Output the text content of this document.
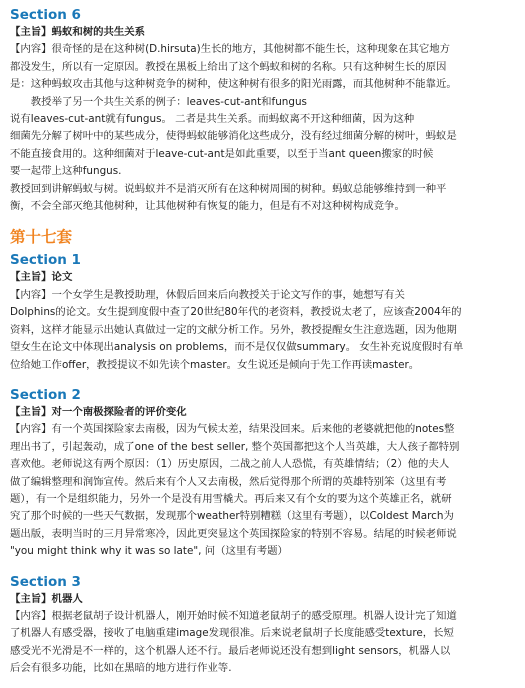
Section 6

【主旨】蚂蚁和树的共生关系

【内容】很奇怪的是在这种树(D.hirsuta)生长的地方，其他树都不能生长，这种现象在其它地方

都没发生，所以有一定原因。教授在黑板上给出了这个蚂蚁和树的名称。只有这种树生长的原因

是：这种蚂蚁攻击其他与这种树竞争的树种，使这种树有很多的阳光雨露，而其他树种不能靠近。

教授举了另一个共生关系的例子：leaves-cut-ant和fungus

说有leaves-cut-ant就有fungus。 二者是共生关系。而蚂蚁离不开这种细菌，因为这种

细菌先分解了树叶中的某些成分，使得蚂蚁能够消化这些成分，没有经过细菌分解的树叶，蚂蚁是

不能直接食用的。这种细菌对于leave-cut-ant是如此重要，以至于当ant queen搬家的时候

要一起带上这种fungus.

教授回到讲解蚂蚁与树。说蚂蚁并不是消灭所有在这种树周围的树种。蚂蚁总能够维持到一种平

衡，不会全部灭绝其他树种，让其他树种有恢复的能力，但是有不对这种树构成竞争。

第十七套
Section 1

【主旨】论文

【内容】一个女学生是教授助理，休假后回来后向教授关于论文写作的事，她想写有关

Dolphins的论文。女生提到度假中查了20世纪80年代的老资料，教授说太老了，应该查2004年的

资料，这样才能显示出她认真做过一定的文献分析工作。另外，教授提醒女生注意选题，因为他期

望女生在论文中体现出analysis on problems，而不是仅仅做summary。 女生补充说度假时有单

位给她工作offer，教授提议不如先读个master。女生说还是倾向于先工作再读master。

Section 2

【主旨】对一个南极探险者的评价变化

【内容】有一个英国探险家去南极，因为气候太差，结果没回来。后来他的老婆就把他的notes整

理出书了，引起轰动，成了one of the best seller, 整个英国都把这个人当英雄，大人孩子都特别

喜欢他。老师说这有两个原因：（1）历史原因，二战之前人人恐慌，有英雄情结；（2）他的夫人

做了编辑整理和润饰宣传。然后来有个人又去南极，然后觉得那个所谓的英雄特别笨（这里有考

题），有一个是组织能力，另外一个是没有用雪橇犬。再后来又有个女的要为这个英雄正名，就研

究了那个时候的一些天气数据，发现那个weather特别糟糕（这里有考题），以Coldest March为

题出版，表明当时的三月异常寒冷，因此更突显这个英国探险家的特别不容易。结尾的时候老师说

"you might think why it was so late", 问（这里有考题）

Section 3

【主旨】机器人

【内容】根据老鼠胡子设计机器人，刚开始时候不知道老鼠胡子的感受原理。机器人设计完了知道

了机器人有感受器，接收了电脑重建image发现很准。后来说老鼠胡子长度能感受texture，长短

感受光不光滑是不一样的，这个机器人还不行。最后老师说还没有想到light sensors，机器人以

后会有很多功能，比如在黑暗的地方进行作业等.
